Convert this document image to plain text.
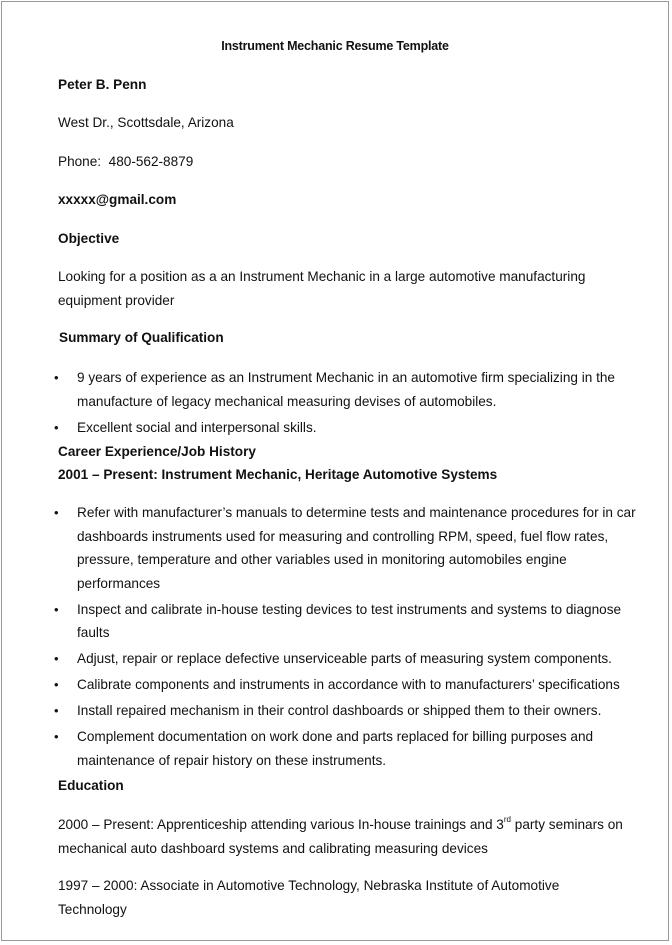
Instrument Mechanic Resume Template
Peter B. Penn
West Dr., Scottsdale, Arizona
Phone:  480-562-8879
xxxxx@gmail.com
Objective
Looking for a position as a an Instrument Mechanic in a large automotive manufacturing equipment provider
Summary of Qualification
• 9 years of experience as an Instrument Mechanic in an automotive firm specializing in the manufacture of legacy mechanical measuring devises of automobiles.
• Excellent social and interpersonal skills.
Career Experience/Job History
2001 – Present: Instrument Mechanic, Heritage Automotive Systems
• Refer with manufacturer’s manuals to determine tests and maintenance procedures for in car dashboards instruments used for measuring and controlling RPM, speed, fuel flow rates, pressure, temperature and other variables used in monitoring automobiles engine performances
• Inspect and calibrate in-house testing devices to test instruments and systems to diagnose faults
• Adjust, repair or replace defective unserviceable parts of measuring system components.
• Calibrate components and instruments in accordance with to manufacturers’ specifications
• Install repaired mechanism in their control dashboards or shipped them to their owners.
• Complement documentation on work done and parts replaced for billing purposes and maintenance of repair history on these instruments.
Education
2000 – Present: Apprenticeship attending various In-house trainings and 3rd party seminars on mechanical auto dashboard systems and calibrating measuring devices
1997 – 2000: Associate in Automotive Technology, Nebraska Institute of Automotive Technology
